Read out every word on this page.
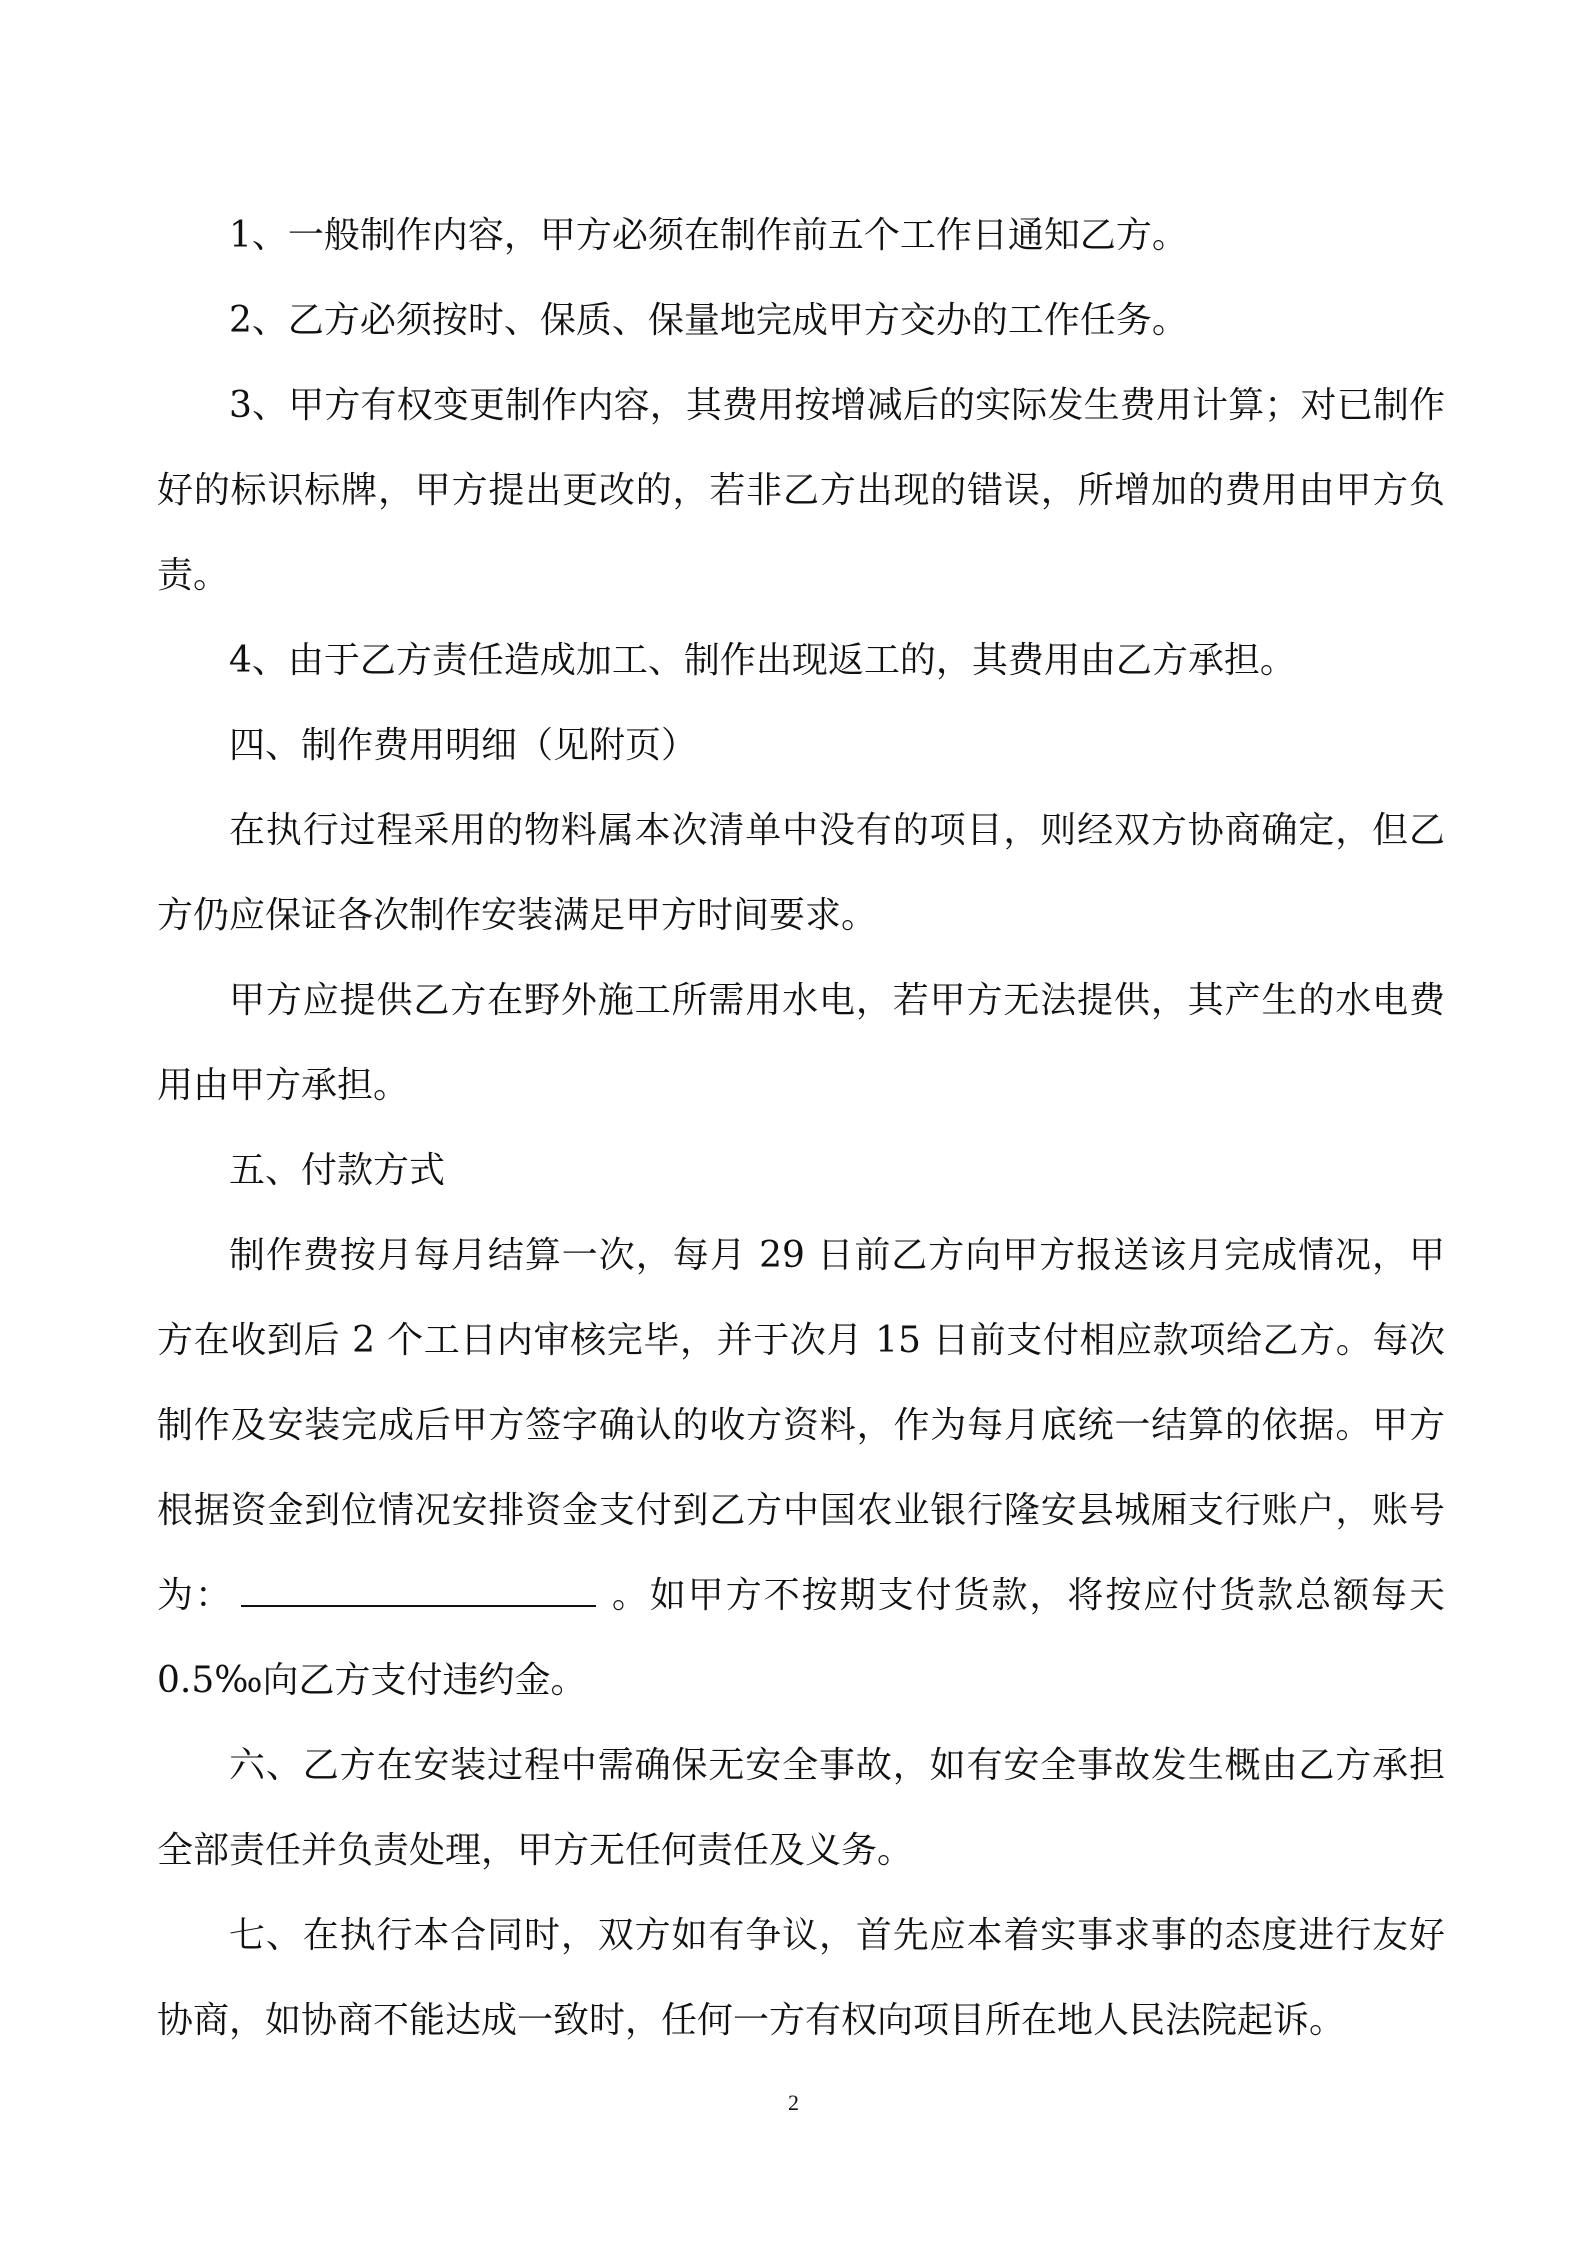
1、一般制作内容，甲方必须在制作前五个工作日通知乙方。

2、乙方必须按时、保质、保量地完成甲方交办的工作任务。

3、甲方有权变更制作内容，其费用按增减后的实际发生费用计算；对已制作好的标识标牌，甲方提出更改的，若非乙方出现的错误，所增加的费用由甲方负责。

4、由于乙方责任造成加工、制作出现返工的，其费用由乙方承担。

四、制作费用明细（见附页）

在执行过程采用的物料属本次清单中没有的项目，则经双方协商确定，但乙方仍应保证各次制作安装满足甲方时间要求。

甲方应提供乙方在野外施工所需用水电，若甲方无法提供，其产生的水电费用由甲方承担。

五、付款方式

制作费按月每月结算一次，每月 29 日前乙方向甲方报送该月完成情况，甲方在收到后 2 个工日内审核完毕，并于次月 15 日前支付相应款项给乙方。每次制作及安装完成后甲方签字确认的收方资料，作为每月底统一结算的依据。甲方根据资金到位情况安排资金支付到乙方中国农业银行隆安县城厢支行账户，账号为：	。如甲方不按期支付货款，将按应付货款总额每天 0.5‰向乙方支付违约金。

六、乙方在安装过程中需确保无安全事故，如有安全事故发生概由乙方承担全部责任并负责处理，甲方无任何责任及义务。

七、在执行本合同时，双方如有争议，首先应本着实事求事的态度进行友好协商，如协商不能达成一致时，任何一方有权向项目所在地人民法院起诉。

2
